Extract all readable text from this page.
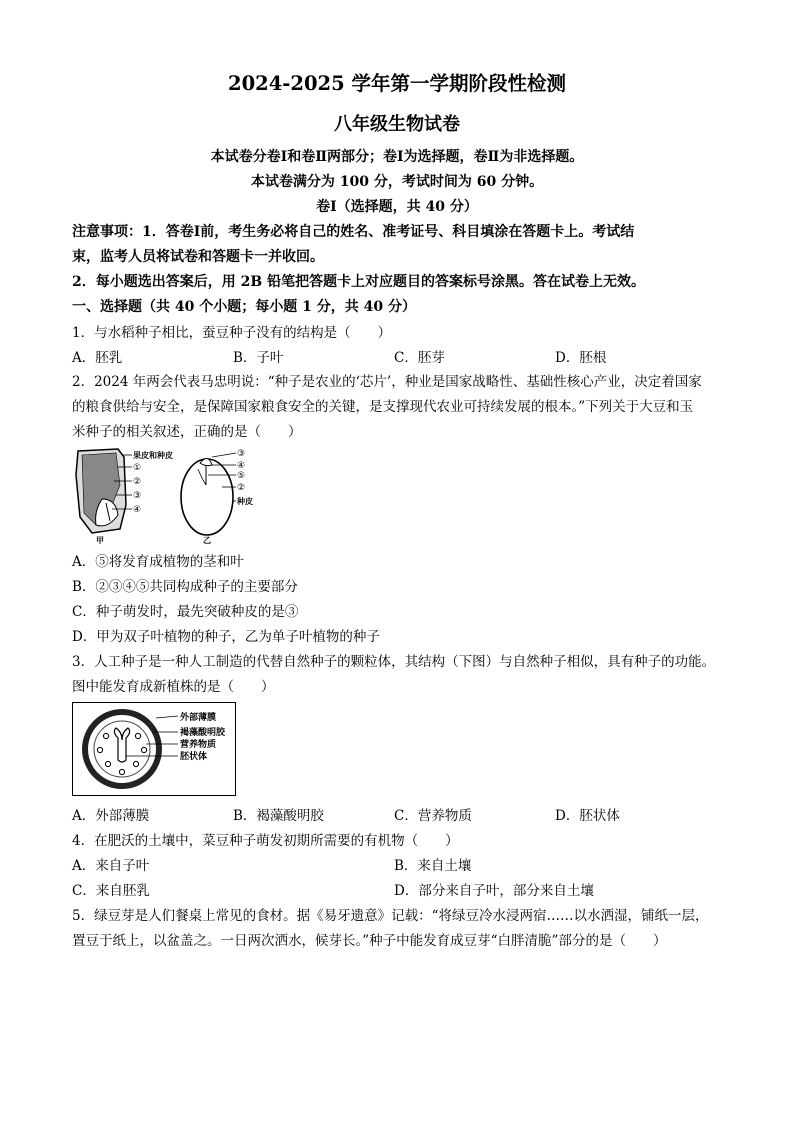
2024-2025 学年第一学期阶段性检测
八年级生物试卷
本试卷分卷Ⅰ和卷Ⅱ两部分；卷Ⅰ为选择题，卷Ⅱ为非选择题。
本试卷满分为 100 分，考试时间为 60 分钟。
卷Ⅰ（选择题，共 40 分）
注意事项：1．答卷Ⅰ前，考生务必将自己的姓名、准考证号、科目填涂在答题卡上。考试结
束，监考人员将试卷和答题卡一并收回。
2．每小题选出答案后，用 2B 铅笔把答题卡上对应题目的答案标号涂黑。答在试卷上无效。
一、选择题（共 40 个小题；每小题 1 分，共 40 分）
1．与水稻种子相比，蚕豆种子没有的结构是（　　）
A．胚乳	B．子叶	C．胚芽	D．胚根
2．2024 年两会代表马忠明说：“种子是农业的‘芯片’，种业是国家战略性、基础性核心产业，决定着国家
的粮食供给与安全，是保障国家粮食安全的关键，是支撑现代农业可持续发展的根本。”下列关于大豆和玉
米种子的相关叙述，正确的是（　　）
果皮和种皮
①
②
③
④
甲
③
④
⑤
②
种皮
乙
A．⑤将发育成植物的茎和叶
B．②③④⑤共同构成种子的主要部分
C．种子萌发时，最先突破种皮的是③
D．甲为双子叶植物的种子，乙为单子叶植物的种子
3．人工种子是一种人工制造的代替自然种子的颗粒体，其结构（下图）与自然种子相似，具有种子的功能。
图中能发育成新植株的是（　　）
外部薄膜
褐藻酸明胶
营养物质
胚状体
A．外部薄膜	B．褐藻酸明胶	C．营养物质	D．胚状体
4．在肥沃的土壤中，菜豆种子萌发初期所需要的有机物（　　）
A．来自子叶	B．来自土壤
C．来自胚乳	D．部分来自子叶，部分来自土壤
5．绿豆芽是人们餐桌上常见的食材。据《易牙遗意》记载：“将绿豆冷水浸两宿……以水洒湿，铺纸一层，
置豆于纸上，以盆盖之。一日两次洒水，候芽长。”种子中能发育成豆芽“白胖清脆”部分的是（　　）
